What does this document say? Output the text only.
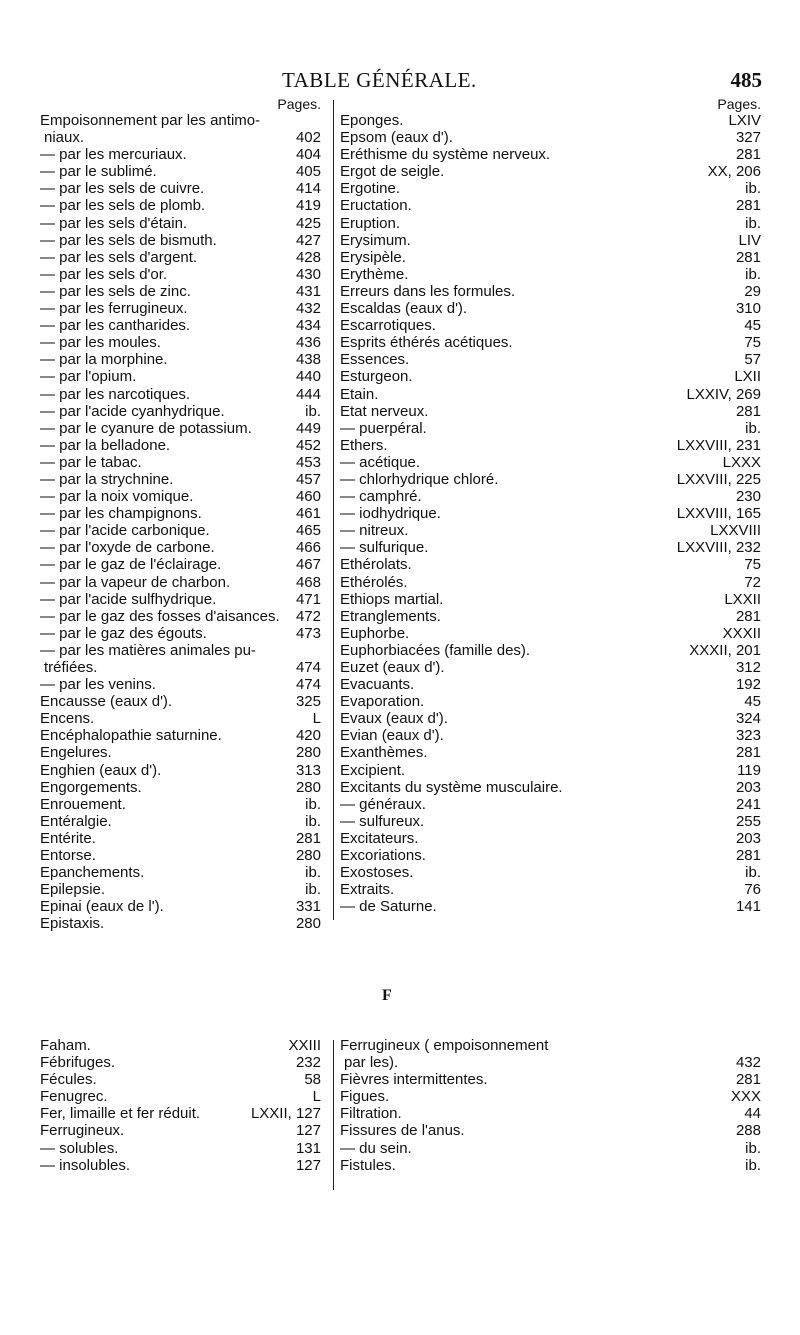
TABLE GÉNÉRALE.	485
Pages.
Empoisonnement par les antimo-
niaux.	402
— par les mercuriaux.	404
— par le sublimé.	405
— par les sels de cuivre.	414
— par les sels de plomb.	419
— par les sels d'étain.	425
— par les sels de bismuth.	427
— par les sels d'argent.	428
— par les sels d'or.	430
— par les sels de zinc.	431
— par les ferrugineux.	432
— par les cantharides.	434
— par les moules.	436
— par la morphine.	438
— par l'opium.	440
— par les narcotiques.	444
— par l'acide cyanhydrique.	ib.
— par le cyanure de potassium.	449
— par la belladone.	452
— par le tabac.	453
— par la strychnine.	457
— par la noix vomique.	460
— par les champignons.	461
— par l'acide carbonique.	465
— par l'oxyde de carbone.	466
— par le gaz de l'éclairage.	467
— par la vapeur de charbon.	468
— par l'acide sulfhydrique.	471
— par le gaz des fosses d'aisances. 472
— par le gaz des égouts.	473
— par les matières animales pu-
tréfiées.	474
— par les venins.	474
Encausse (eaux d').	325
Encens.	L
Encéphalopathie saturnine.	420
Engelures.	280
Enghien (eaux d').	313
Engorgements.	280
Enrouement.	ib.
Entéralgie.	ib.
Entérite.	281
Entorse.	280
Epanchements.	ib.
Epilepsie.	ib.
Epinai (eaux de l').	331
Epistaxis.	280
Pages.
Eponges.	LXIV
Epsom (eaux d').	327
Eréthisme du système nerveux.	281
Ergot de seigle.	XX, 206
Ergotine.	ib.
Eructation.	281
Eruption.	ib.
Erysimum.	LIV
Erysipèle.	281
Erythème.	ib.
Erreurs dans les formules.	29
Escaldas (eaux d').	310
Escarrotiques.	45
Esprits éthérés acétiques.	75
Essences.	57
Esturgeon.	LXII
Etain.	LXXIV, 269
Etat nerveux.	281
— puerpéral.	ib.
Ethers.	LXXVIII, 231
— acétique.	LXXX
— chlorhydrique chloré.	LXXVIII, 225
— camphré.	230
— iodhydrique.	LXXVIII, 165
— nitreux.	LXXVIII
— sulfurique.	LXXVIII, 232
Ethérolats.	75
Ethérolés.	72
Ethiops martial.	LXXII
Etranglements.	281
Euphorbe.	XXXII
Euphorbiacées (famille des).	XXXII, 201
Euzet (eaux d').	312
Evacuants.	192
Evaporation.	45
Evaux (eaux d').	324
Evian (eaux d').	323
Exanthèmes.	281
Excipient.	119
Excitants du système musculaire.	203
— généraux.	241
— sulfureux.	255
Excitateurs.	203
Excoriations.	281
Exostoses.	ib.
Extraits.	76
— de Saturne.	141
F
Faham.	XXIII
Fébrifuges.	232
Fécules.	58
Fenugrec.	L
Fer, limaille et fer réduit.	LXXII, 127
Ferrugineux.	127
— solubles.	131
— insolubles.	127
Ferrugineux ( empoisonnement
par les).	432
Fièvres intermittentes.	281
Figues.	XXX
Filtration.	44
Fissures de l'anus.	288
— du sein.	ib.
Fistules.	ib.
